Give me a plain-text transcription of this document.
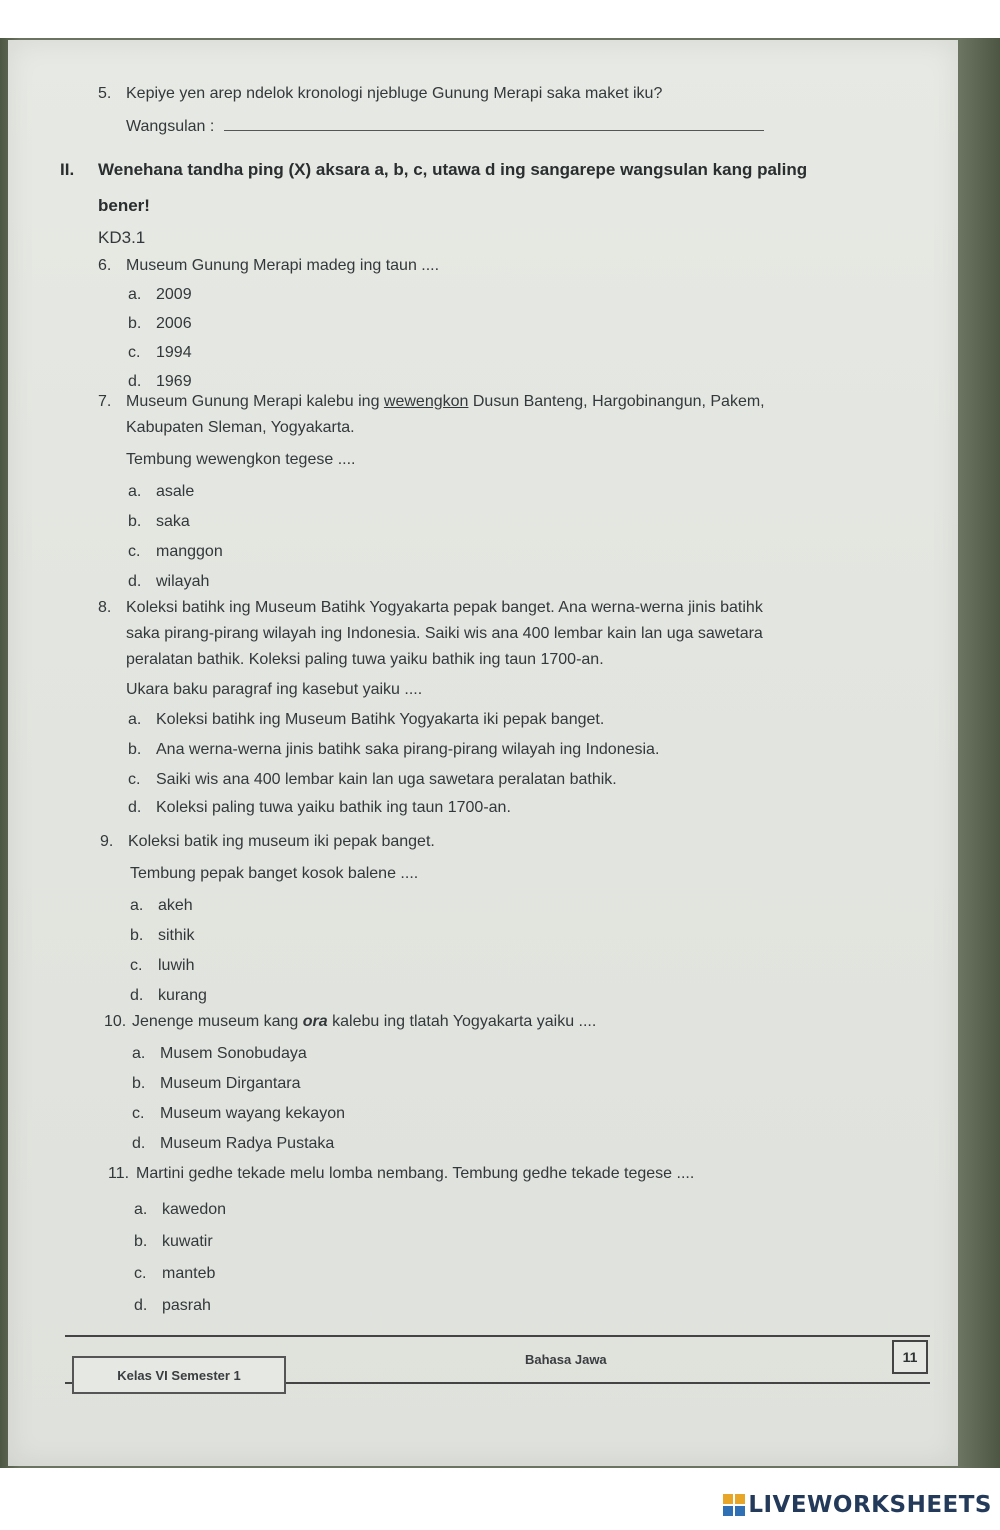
5. Kepiye yen arep ndelok kronologi njebluge Gunung Merapi saka maket iku?
Wangsulan :
II. Wenehana tandha ping (X) aksara a, b, c, utawa d ing sangarepe wangsulan kang paling
bener!
KD3.1
6. Museum Gunung Merapi madeg ing taun ....
a. 2009
b. 2006
c. 1994
d. 1969
7. Museum Gunung Merapi kalebu ing wewengkon Dusun Banteng, Hargobinangun, Pakem,
Kabupaten Sleman, Yogyakarta.
Tembung wewengkon tegese ....
a. asale
b. saka
c. manggon
d. wilayah
8. Koleksi batihk ing Museum Batihk Yogyakarta pepak banget. Ana werna-werna jinis batihk
saka pirang-pirang wilayah ing Indonesia. Saiki wis ana 400 lembar kain lan uga sawetara
peralatan bathik. Koleksi paling tuwa yaiku bathik ing taun 1700-an.
Ukara baku paragraf ing kasebut yaiku ....
a. Koleksi batihk ing Museum Batihk Yogyakarta iki pepak banget.
b. Ana werna-werna jinis batihk saka pirang-pirang wilayah ing Indonesia.
c. Saiki wis ana 400 lembar kain lan uga sawetara peralatan bathik.
d. Koleksi paling tuwa yaiku bathik ing taun 1700-an.
9. Koleksi batik ing museum iki pepak banget.
Tembung pepak banget kosok balene ....
a. akeh
b. sithik
c. luwih
d. kurang
10. Jenenge museum kang ora kalebu ing tlatah Yogyakarta yaiku ....
a. Musem Sonobudaya
b. Museum Dirgantara
c. Museum wayang kekayon
d. Museum Radya Pustaka
11. Martini gedhe tekade melu lomba nembang. Tembung gedhe tekade tegese ....
a. kawedon
b. kuwatir
c. manteb
d. pasrah
Kelas VI Semester 1
Bahasa Jawa	11
LIVEWORKSHEETS
